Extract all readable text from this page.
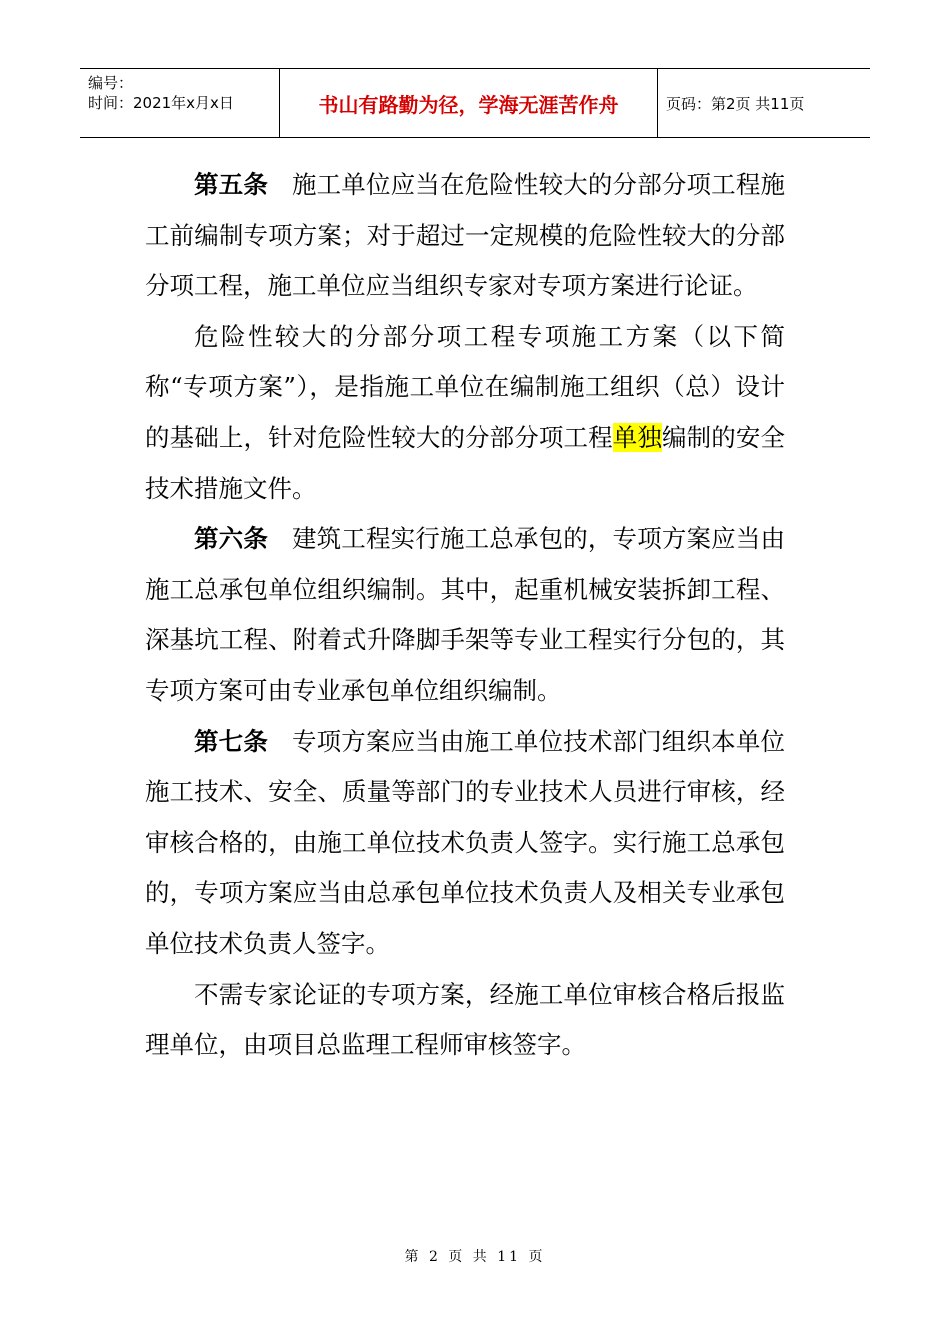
编号：
时间：2021年x月x日	书山有路勤为径，学海无涯苦作舟	页码：第2页 共11页

第五条 施工单位应当在危险性较大的分部分项工程施工前编制专项方案；对于超过一定规模的危险性较大的分部分项工程，施工单位应当组织专家对专项方案进行论证。

危险性较大的分部分项工程专项施工方案（以下简称“专项方案”），是指施工单位在编制施工组织（总）设计的基础上，针对危险性较大的分部分项工程单独编制的安全技术措施文件。

第六条 建筑工程实行施工总承包的，专项方案应当由施工总承包单位组织编制。其中，起重机械安装拆卸工程、深基坑工程、附着式升降脚手架等专业工程实行分包的，其专项方案可由专业承包单位组织编制。

第七条 专项方案应当由施工单位技术部门组织本单位施工技术、安全、质量等部门的专业技术人员进行审核，经审核合格的，由施工单位技术负责人签字。实行施工总承包的，专项方案应当由总承包单位技术负责人及相关专业承包单位技术负责人签字。

不需专家论证的专项方案，经施工单位审核合格后报监理单位，由项目总监理工程师审核签字。

第 2 页 共 11 页
